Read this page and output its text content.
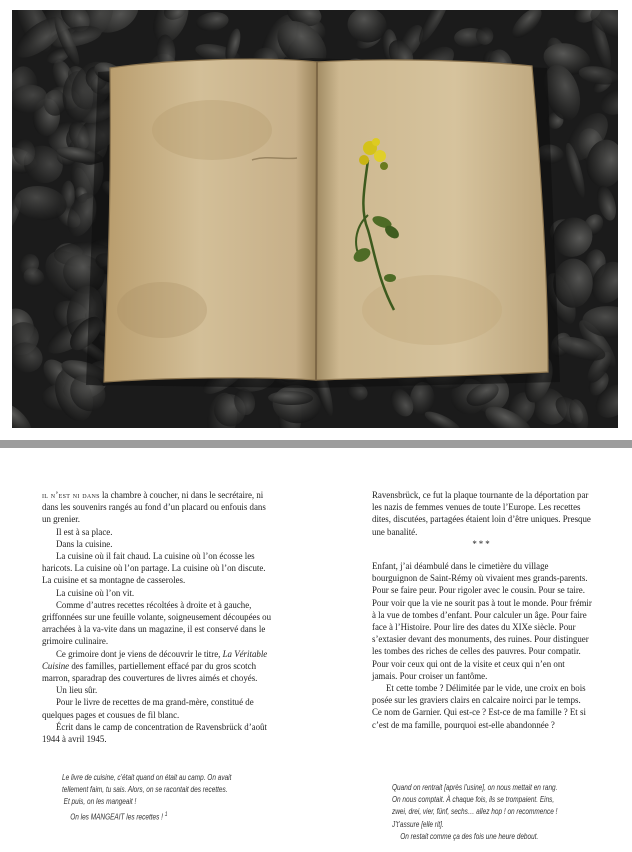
il n’est ni dans la chambre à coucher, ni dans le secrétaire, ni dans les souvenirs rangés au fond d’un placard ou enfouis dans un grenier.

Il est à sa place.

Dans la cuisine.

La cuisine où il fait chaud. La cuisine où l’on écosse les haricots. La cuisine où l’on partage. La cuisine où l’on discute. La cuisine et sa montagne de casseroles.

La cuisine où l’on vit.

Comme d’autres recettes récoltées à droite et à gauche, griffonnées sur une feuille volante, soigneusement découpées ou arrachées à la va-vite dans un magazine, il est conservé dans le grimoire culinaire.

Ce grimoire dont je viens de découvrir le titre, La Véritable Cuisine des familles, partiellement effacé par du gros scotch marron, sparadrap des couvertures de livres aimés et choyés.

Un lieu sûr.

Pour le livre de recettes de ma grand-mère, constitué de quelques pages et cousues de fil blanc.

Écrit dans le camp de concentration de Ravensbrück d’août 1944 à avril 1945.

Le livre de cuisine, c’était quand on était au camp. On avait

tellement faim, tu sais. Alors, on se racontait des recettes.

Et puis, on les mangeait !

On les MANGEAIT les recettes ! $^1$

Ravensbrück, ce fut la plaque tournante de la déportation par les nazis de femmes venues de toute l’Europe. Les recettes dites, discutées, partagées étaient loin d’être uniques. Presque une banalité.

***

Enfant, j’ai déambulé dans le cimetière du village bourguignon de Saint-Rémy où vivaient mes grands-parents. Pour se faire peur. Pour rigoler avec le cousin. Pour se taire. Pour voir que la vie ne sourit pas à tout le monde. Pour frémir à la vue de tombes d’enfant. Pour calculer un âge. Pour faire face à l’Histoire. Pour lire des dates du XIXe siècle. Pour s’extasier devant des monuments, des ruines. Pour distinguer les tombes des riches de celles des pauvres. Pour compatir. Pour voir ceux qui ont de la visite et ceux qui n’en ont jamais. Pour croiser un fantôme.

Et cette tombe ? Délimitée par le vide, une croix en bois posée sur les graviers clairs en calcaire noirci par le temps. Ce nom de Garnier. Qui est-ce ? Est-ce de ma famille ? Et si c’est de ma famille, pourquoi est-elle abandonnée ?

Quand on rentrait [après l’usine], on nous mettait en rang.

On nous comptait. À chaque fois, ils se trompaient. Eins,

zwei, drei, vier, fünf, sechs… allez hop ! on recommence !

J’t’assure [elle rit].

On restait comme ça des fois une heure debout.
